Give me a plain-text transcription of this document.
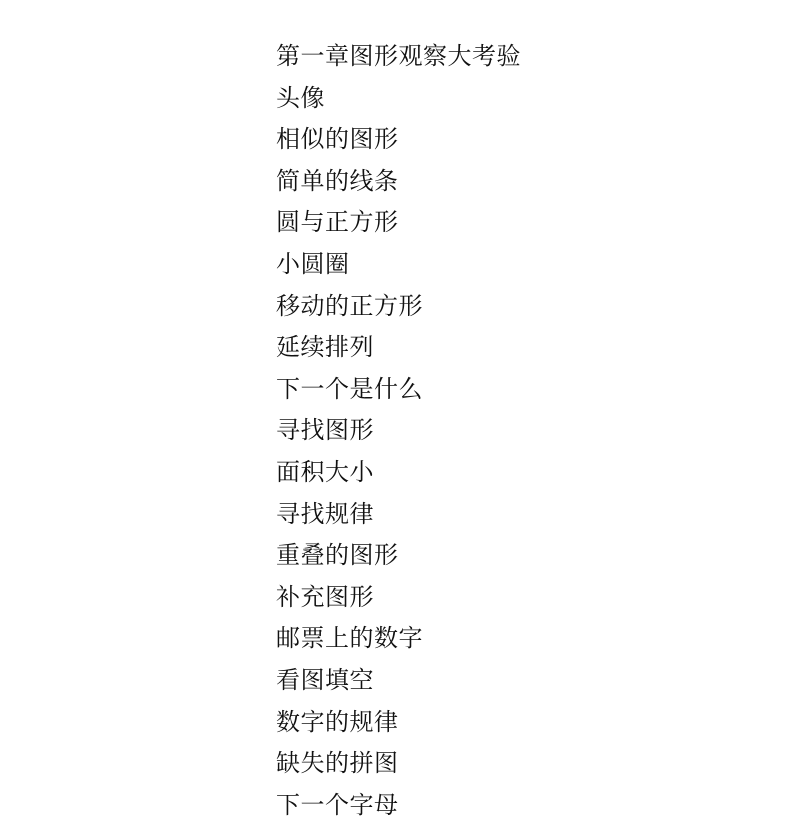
第一章图形观察大考验
头像
相似的图形
简单的线条
圆与正方形
小圆圈
移动的正方形
延续排列
下一个是什么
寻找图形
面积大小
寻找规律
重叠的图形
补充图形
邮票上的数字
看图填空
数字的规律
缺失的拼图
下一个字母
